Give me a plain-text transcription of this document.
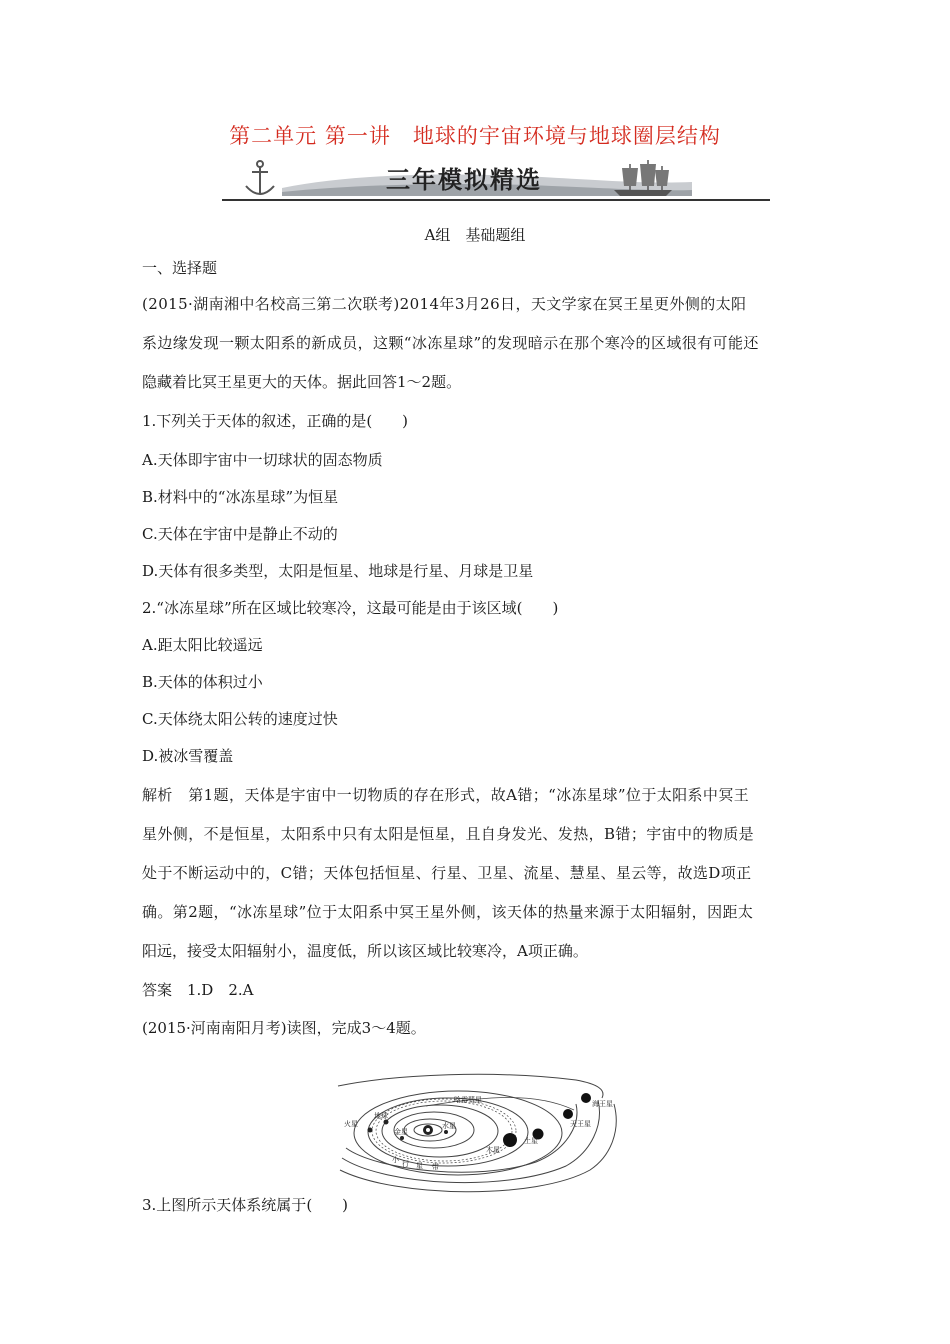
第二单元 第一讲　地球的宇宙环境与地球圈层结构
三年模拟精选
A组　基础题组
一、选择题
(2015·湖南湘中名校高三第二次联考)2014年3月26日，天文学家在冥王星更外侧的太阳
系边缘发现一颗太阳系的新成员，这颗“冰冻星球”的发现暗示在那个寒冷的区域很有可能还
隐藏着比冥王星更大的天体。据此回答1～2题。
1.下列关于天体的叙述，正确的是(　　)
A.天体即宇宙中一切球状的固态物质
B.材料中的“冰冻星球”为恒星
C.天体在宇宙中是静止不动的
D.天体有很多类型，太阳是恒星、地球是行星、月球是卫星
2.“冰冻星球”所在区域比较寒冷，这最可能是由于该区域(　　)
A.距太阳比较遥远
B.天体的体积过小
C.天体绕太阳公转的速度过快
D.被冰雪覆盖
解析　第1题，天体是宇宙中一切物质的存在形式，故A错；“冰冻星球”位于太阳系中冥王
星外侧，不是恒星，太阳系中只有太阳是恒星，且自身发光、发热，B错；宇宙中的物质是
处于不断运动中的，C错；天体包括恒星、行星、卫星、流星、慧星、星云等，故选D项正
确。第2题，“冰冻星球”位于太阳系中冥王星外侧，该天体的热量来源于太阳辐射，因距太
阳远，接受太阳辐射小，温度低，所以该区域比较寒冷，A项正确。
答案　1.D　2.A
(2015·河南南阳月考)读图，完成3～4题。
哈雷彗星	海王星
天王星
土星
木星
火星
地球
金星
水星
小 行 星 带
3.上图所示天体系统属于(　　)
